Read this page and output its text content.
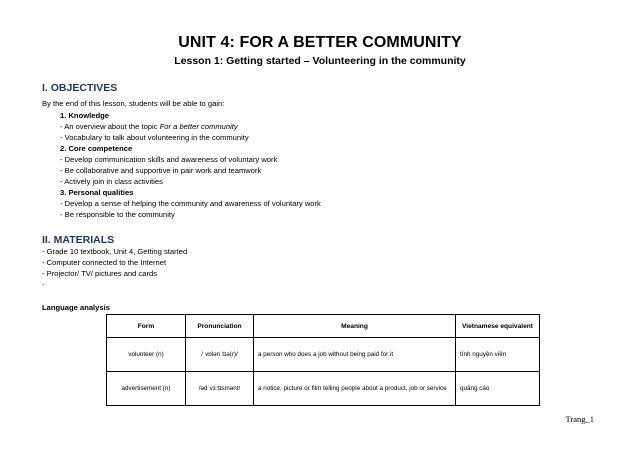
UNIT 4: FOR A BETTER COMMUNITY
Lesson 1: Getting started – Volunteering in the community
I. OBJECTIVES
By the end of this lesson, students will be able to gain:
1. Knowledge
- An overview about the topic For a better community
- Vocabulary to talk about volunteering in the community
2. Core competence
- Develop communication skills and awareness of voluntary work
- Be collaborative and supportive in pair work and teamwork
- Actively join in class activities
3. Personal qualities
- Develop a sense of helping the community and awareness of voluntary work
- Be responsible to the community
II. MATERIALS
- Grade 10 textbook, Unit 4, Getting started
- Computer connected to the Internet
- Projector/ TV/ pictures and cards
-
Language analysis
Form	Pronunciation	Meaning	Vietnamese equivalent
volunteer (n)	/ˌvɒlənˈtɪə(r)/	a person who does a job without being paid for it	tình nguyện viên
advertisement (n)	/ədˈvɜːtɪsmənt/	a notice, picture or film telling people about a product, job or service	quảng cáo
Trang_1
